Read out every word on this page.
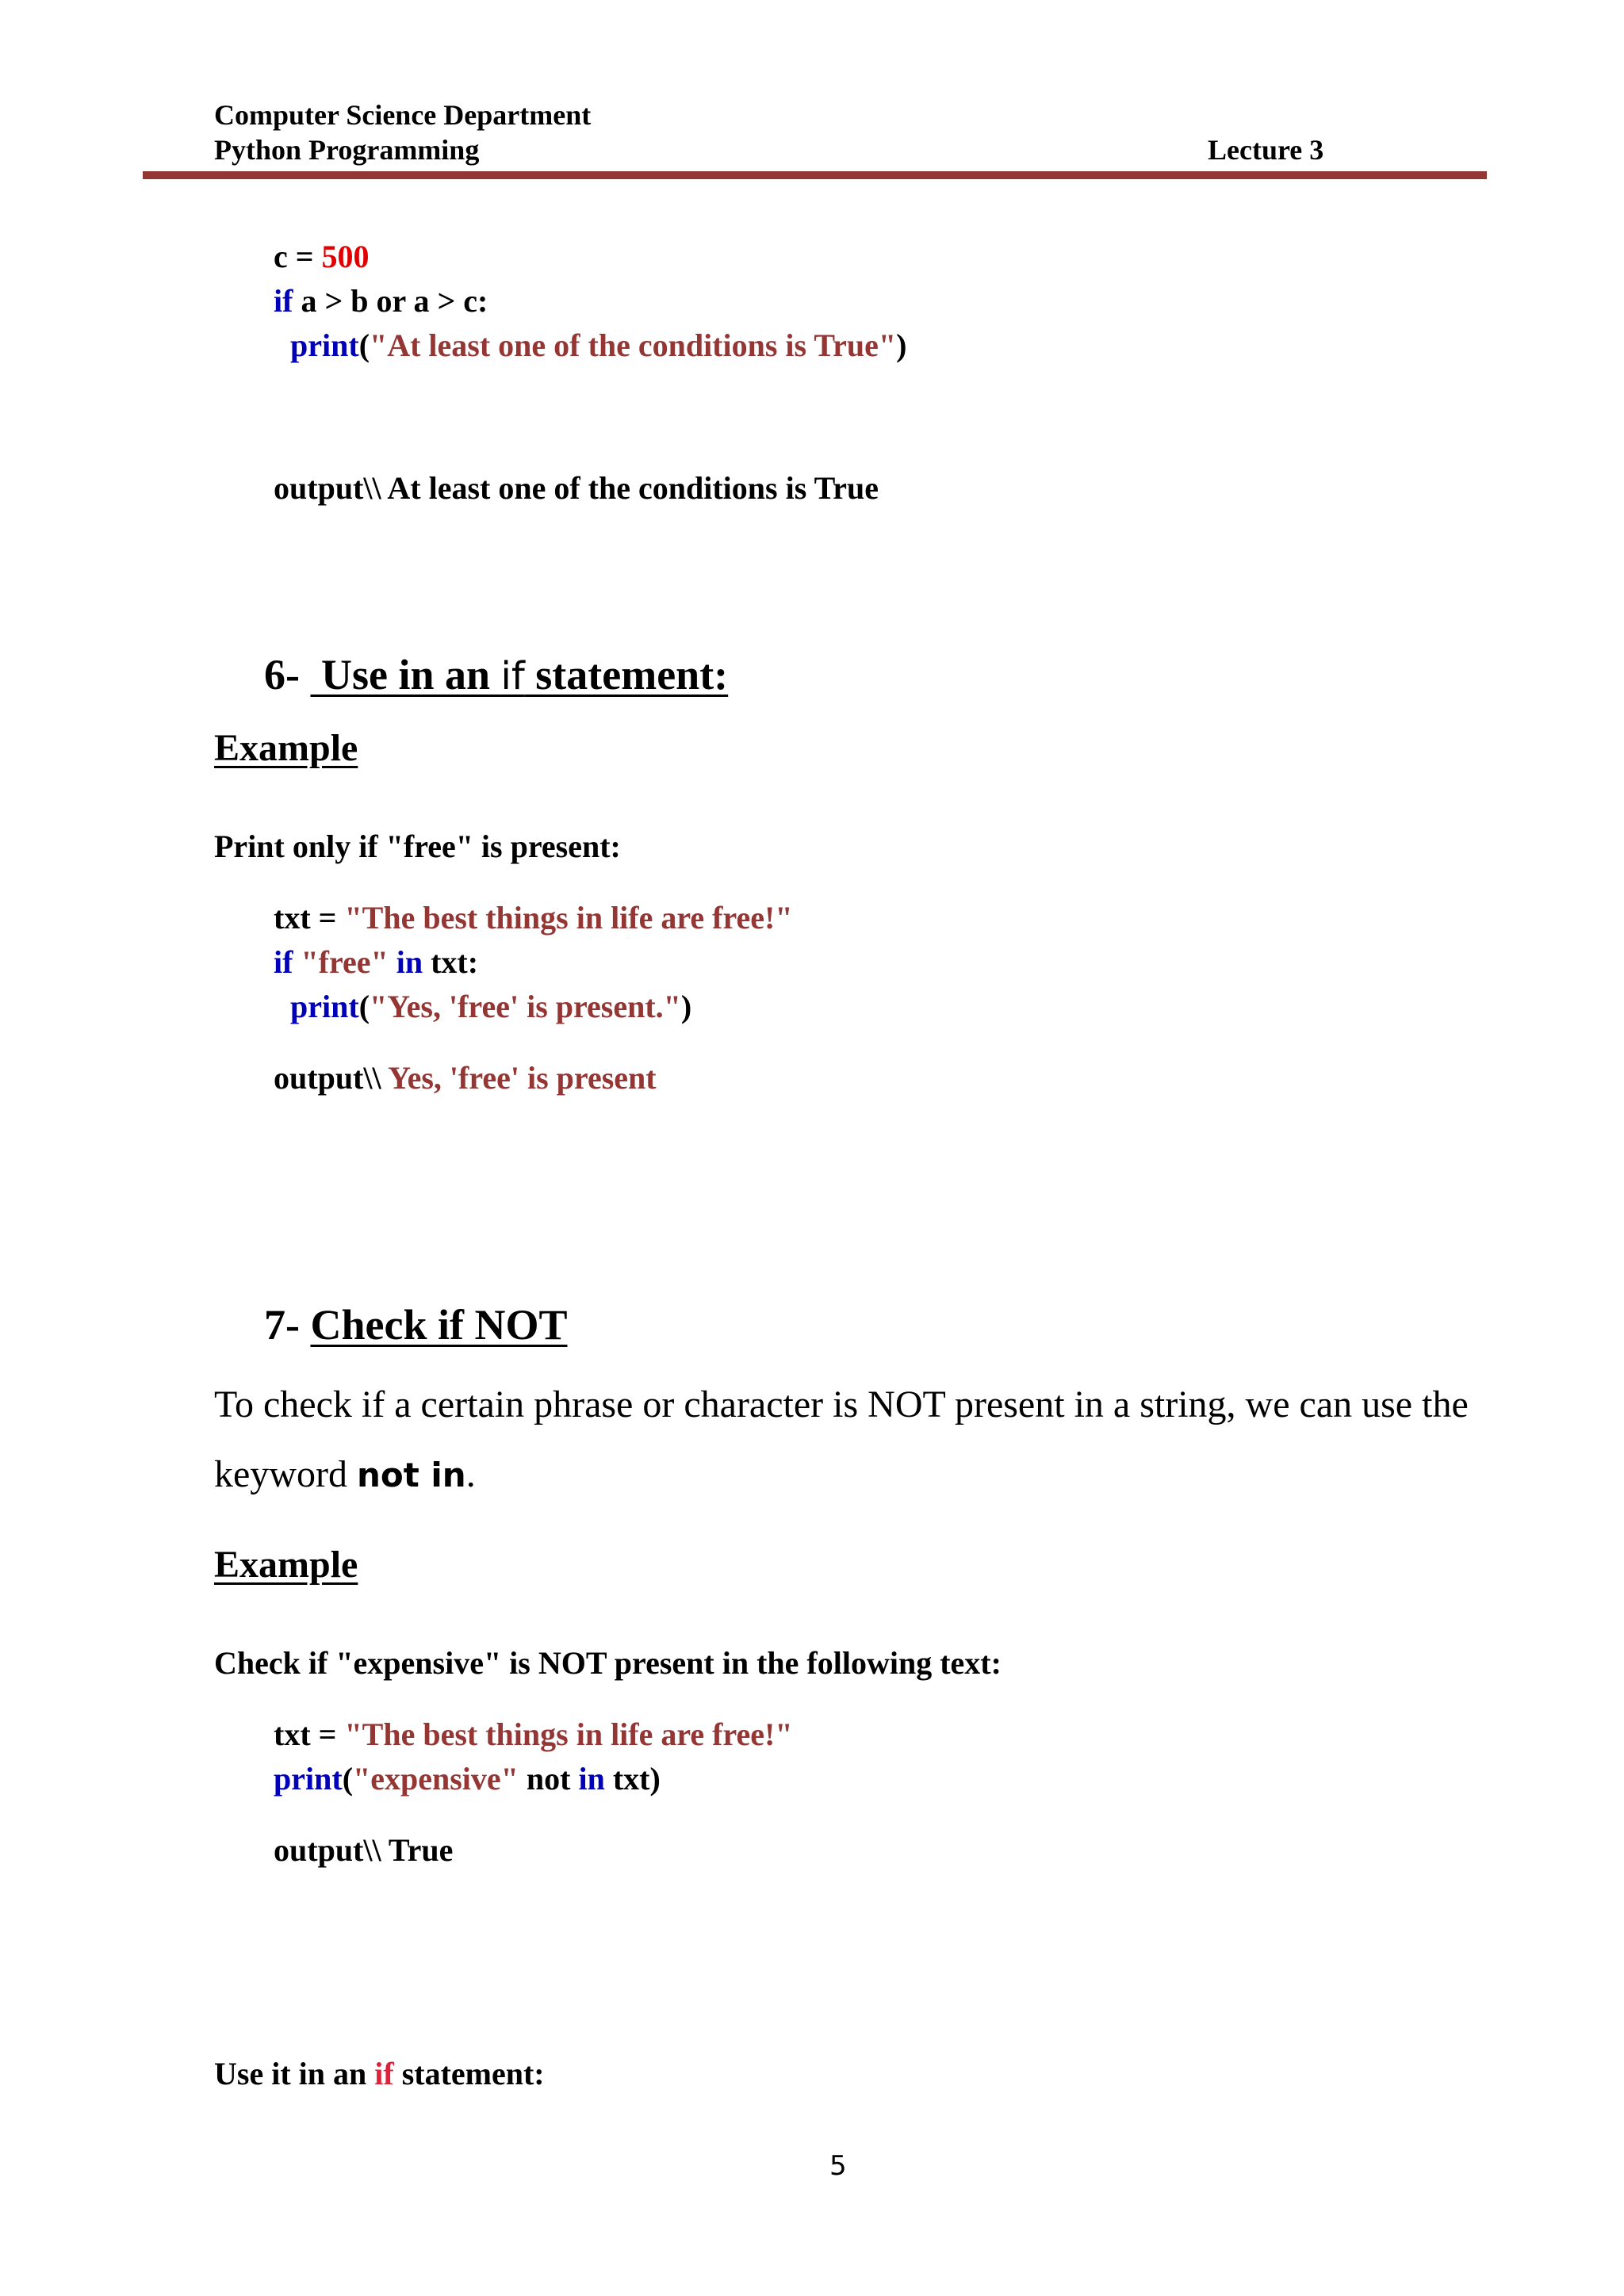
Computer Science Department
Python Programming	Lecture 3
c = 500
if a > b or a > c:
print("At least one of the conditions is True")
output\\ At least one of the conditions is True
6-  Use in an if statement:
Example
Print only if "free" is present:
txt = "The best things in life are free!"
if "free" in txt:
print("Yes, 'free' is present.")
output\\ Yes, 'free' is present
7- Check if NOT
To check if a certain phrase or character is NOT present in a string, we can use the keyword not in.
Example
Check if "expensive" is NOT present in the following text:
txt = "The best things in life are free!"
print("expensive" not in txt)
output\\ True
Use it in an if statement:
5
